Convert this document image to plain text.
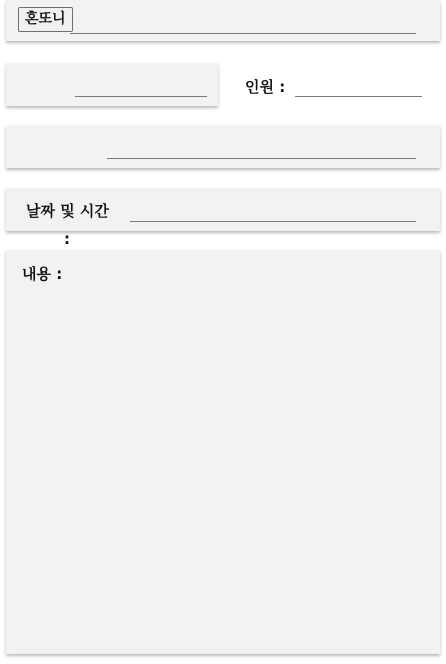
혼또니
인원 :
날짜 및 시간
:
내용 :
